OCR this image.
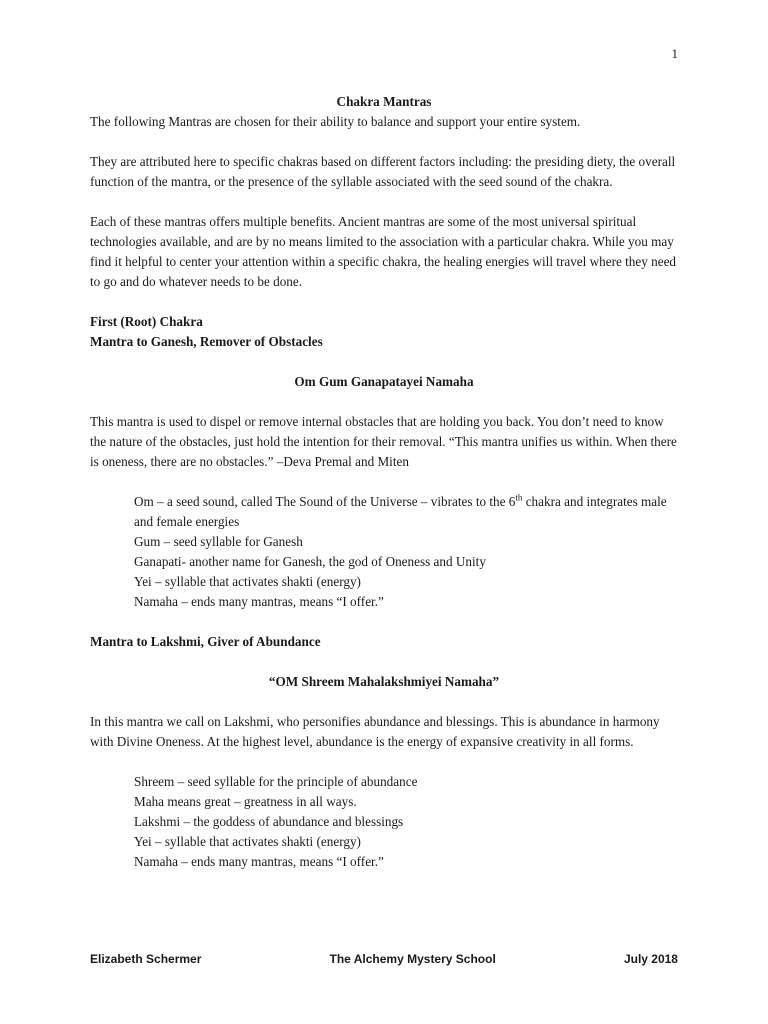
1

Chakra Mantras

The following Mantras are chosen for their ability to balance and support your entire system.

They are attributed here to specific chakras based on different factors including: the presiding diety, the overall function of the mantra, or the presence of the syllable associated with the seed sound of the chakra.

Each of these mantras offers multiple benefits. Ancient mantras are some of the most universal spiritual technologies available, and are by no means limited to the association with a particular chakra. While you may find it helpful to center your attention within a specific chakra, the healing energies will travel where they need to go and do whatever needs to be done.

First (Root) Chakra

Mantra to Ganesh, Remover of Obstacles

Om Gum Ganapatayei Namaha

This mantra is used to dispel or remove internal obstacles that are holding you back. You don’t need to know the nature of the obstacles, just hold the intention for their removal. “This mantra unifies us within. When there is oneness, there are no obstacles.” –Deva Premal and Miten

Om – a seed sound, called The Sound of the Universe – vibrates to the 6th chakra and integrates male and female energies

Gum – seed syllable for Ganesh

Ganapati- another name for Ganesh, the god of Oneness and Unity

Yei – syllable that activates shakti (energy)

Namaha – ends many mantras, means “I offer.”

Mantra to Lakshmi, Giver of Abundance

“OM Shreem Mahalakshmiyei Namaha”

In this mantra we call on Lakshmi, who personifies abundance and blessings. This is abundance in harmony with Divine Oneness. At the highest level, abundance is the energy of expansive creativity in all forms.

Shreem – seed syllable for the principle of abundance

Maha means great – greatness in all ways.

Lakshmi – the goddess of abundance and blessings

Yei – syllable that activates shakti (energy)

Namaha – ends many mantras, means “I offer.”

Elizabeth Schermer	The Alchemy Mystery School	July 2018
